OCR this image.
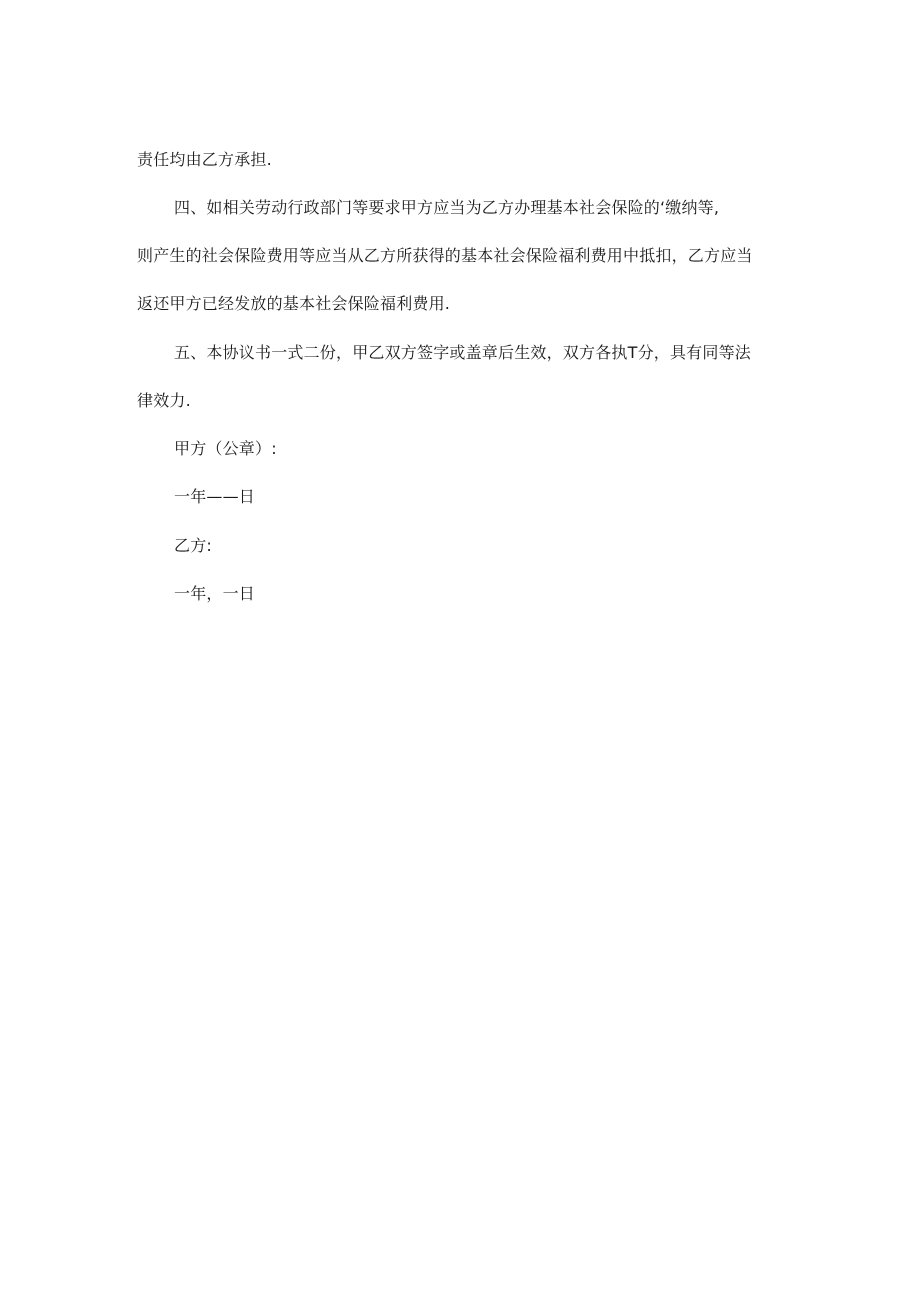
责任均由乙方承担.
四、如相关劳动行政部门等要求甲方应当为乙方办理基本社会保险的‘缴纳等,
则产生的社会保险费用等应当从乙方所获得的基本社会保险福利费用中抵扣，乙方应当
返还甲方已经发放的基本社会保险福利费用.
五、本协议书一式二份，甲乙双方签字或盖章后生效，双方各执T分，具有同等法
律效力.
甲方（公章）:
一年——日
乙方:
一年，一日
